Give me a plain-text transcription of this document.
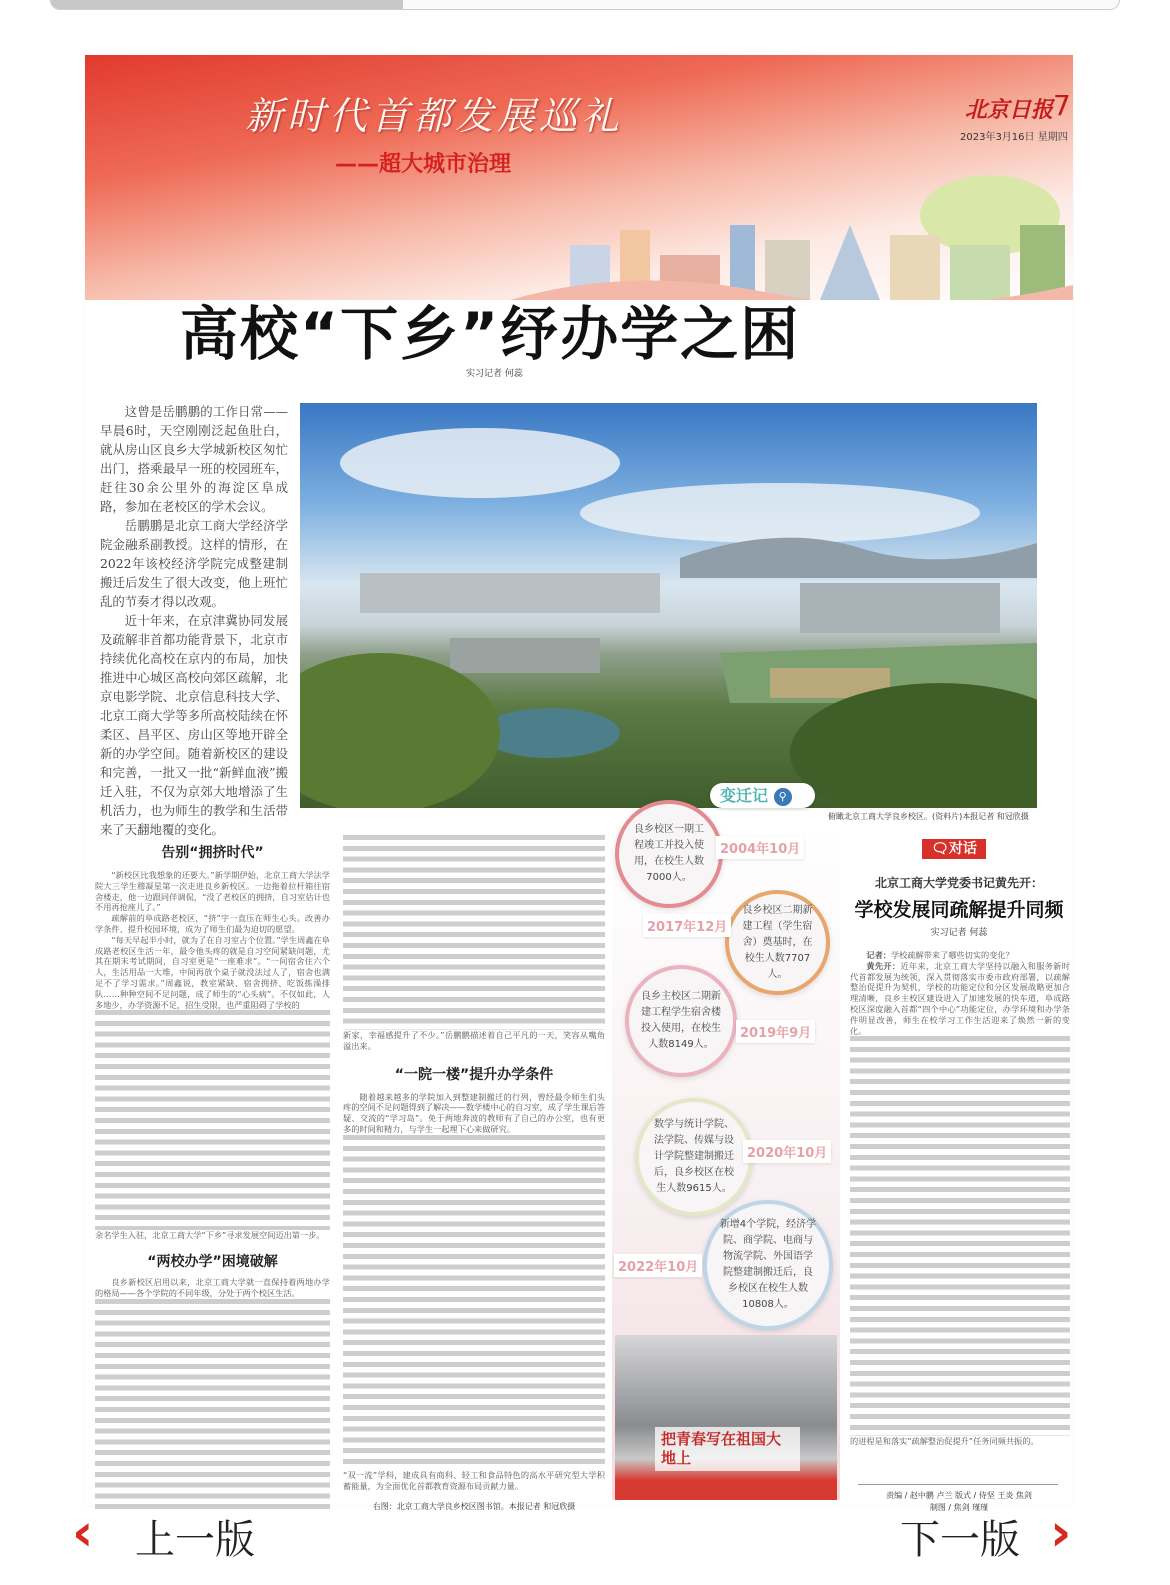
新时代首都发展巡礼
——超大城市治理
北京日报 7
2023年3月16日 星期四
高校“下乡”纾办学之困
实习记者 何蕊

这曾是岳鹏鹏的工作日常——早晨6时，天空刚刚泛起鱼肚白，就从房山区良乡大学城新校区匆忙出门，搭乘最早一班的校园班车，赶往30余公里外的海淀区阜成路，参加在老校区的学术会议。

岳鹏鹏是北京工商大学经济学院金融系副教授。这样的情形，在2022年该校经济学院完成整建制搬迁后发生了很大改变，他上班忙乱的节奏才得以改观。

近十年来，在京津冀协同发展及疏解非首都功能背景下，北京市持续优化高校在京内的布局，加快推进中心城区高校向郊区疏解，北京电影学院、北京信息科技大学、北京工商大学等多所高校陆续在怀柔区、昌平区、房山区等地开辟全新的办学空间。随着新校区的建设和完善，一批又一批“新鲜血液”搬迁入驻，不仅为京郊大地增添了生机活力，也为师生的教学和生活带来了天翻地覆的变化。

告别“拥挤时代”

“新校区比我想象的还要大。”新学期伊始，北京工商大学法学院大三学生穆凝星第一次走进良乡新校区。一边拖着拉杆箱往宿舍楼走，他一边跟同伴调侃，“没了老校区的拥挤，自习室估计也不用再抢座儿了。”

疏解前的阜成路老校区，“挤”字一直压在师生心头。改善办学条件、提升校园环境，成为了师生们最为迫切的愿望。

“每天早起半小时，就为了在自习室占个位置。”学生周鑫在阜成路老校区生活一年，最令他头疼的就是自习空间紧缺问题，尤其在期末考试期间，自习室更是“一座难求”。“一间宿舍住六个人，生活用品一大堆，中间再放个桌子就没法过人了，宿舍也满足不了学习需求。”周鑫说，教室紧缺、宿舍拥挤、吃饭拣澡排队……种种空间不足问题，成了师生的“心头病”。不仅如此，人多地少，办学资源不足，招生受限，也严重阻碍了学校的

余名学生入驻，北京工商大学“下乡”寻求发展空间迈出第一步。
“两校办学”困境破解

良乡新校区启用以来，北京工商大学就一直保持着两地办学的格局——各个学院的不同年级，分处于两个校区生活。

新家，幸福感提升了不少。”岳鹏鹏描述着自己平凡的一天，笑容从嘴角溢出来。
“一院一楼”提升办学条件

随着越来越多的学院加入到整建制搬迁的行列，曾经最令师生们头疼的空间不足问题得到了解决——数学楼中心的自习室，成了学生课后答疑、交流的“学习岛”。免于两地奔波的教师有了自己的办公室，也有更多的时间和精力，与学生一起埋下心来做研究。

“双一流”学科，建成具有商科、轻工和食品特色的高水平研究型大学积蓄能量，为全面优化首都教育资源布局贡献力量。
右图：北京工商大学良乡校区图书馆。本报记者 和冠欣摄
俯瞰北京工商大学良乡校区。(资料片)本报记者 和冠欣摄
变迁记 ⚲
良乡校区一期工程竣工并投入使用，在校生人数7000人。
2004年10月
良乡校区二期新建工程（学生宿舍）奠基时，在校生人数7707人。
2017年12月
良乡主校区二期新建工程学生宿舍楼投入使用，在校生人数8149人。
2019年9月
数学与统计学院、法学院、传媒与设计学院整建制搬迁后，良乡校区在校生人数9615人。
2020年10月
新增4个学院，经济学院、商学院、电商与物流学院、外国语学院整建制搬迁后，良乡校区在校生人数10808人。
2022年10月
把青春写在祖国大地上
🗨对话
北京工商大学党委书记黄先开：
学校发展同疏解提升同频
实习记者 何蕊

记者：学校疏解带来了哪些切实的变化？

黄先开：近年来，北京工商大学坚持以融入和服务新时代首都发展为统领，深入贯彻落实市委市政府部署，以疏解整治促提升为契机，学校的功能定位和分区发展战略更加合理清晰，良乡主校区建设进入了加速发展的快车道，阜成路校区深度融入首都“四个中心”功能定位，办学环境和办学条件明显改善，师生在校学习工作生活迎来了焕然一新的变化。

的进程是和落实“疏解整治促提升”任务同频共振的。
责编 / 赵中鹏 卢兰 版式 / 侍坚 王炎 焦剑
制图 / 焦剑 瑾瑾
‹ 上一版	下一版 ›
